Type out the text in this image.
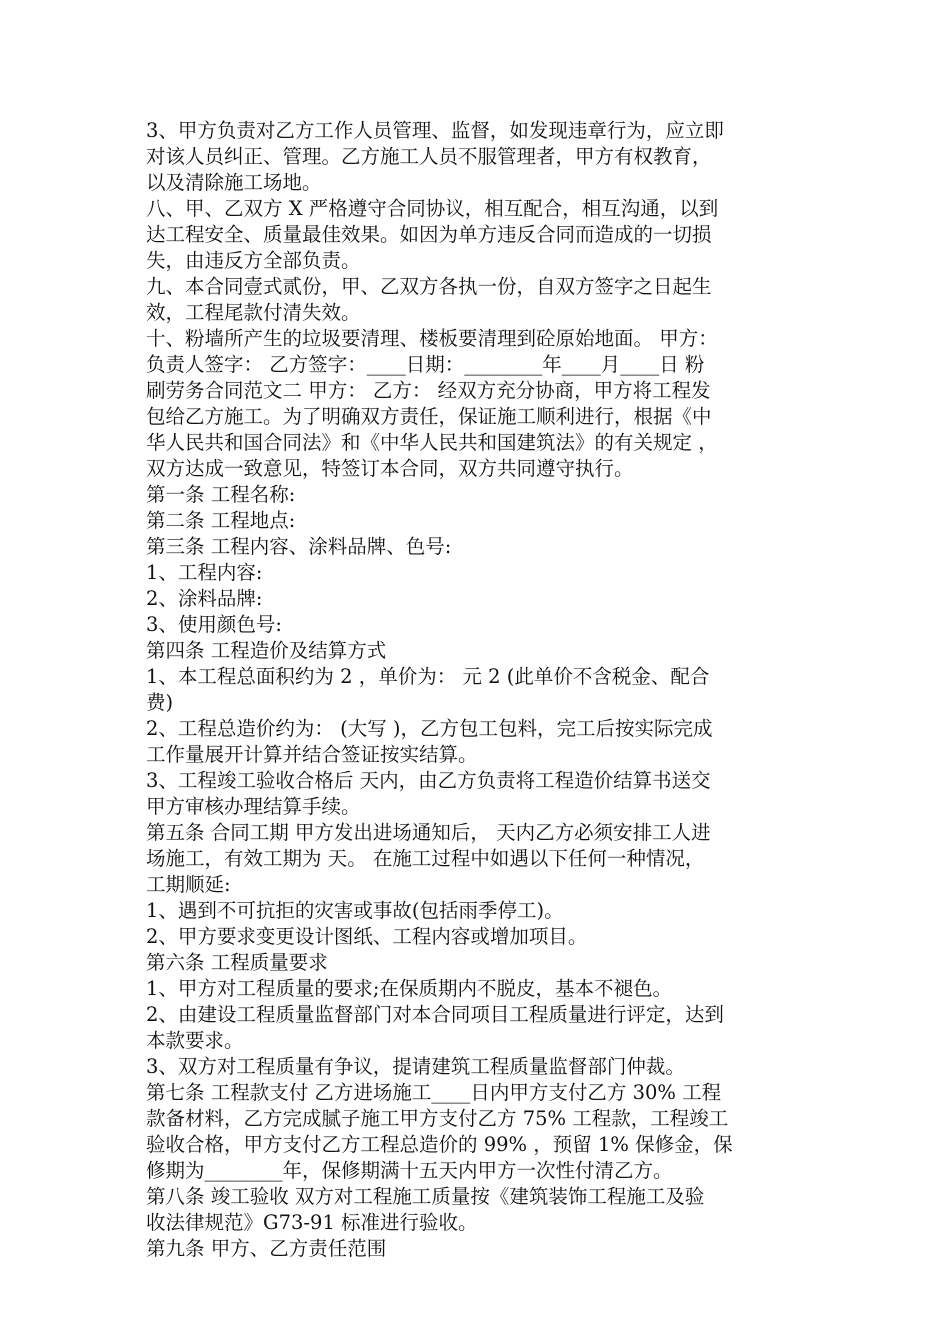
3、甲方负责对乙方工作人员管理、监督，如发现违章行为，应立即
对该人员纠正、管理。乙方施工人员不服管理者，甲方有权教育，
以及清除施工场地。
八、甲、乙双方 X 严格遵守合同协议，相互配合，相互沟通，以到
达工程安全、质量最佳效果。如因为单方违反合同而造成的一切损
失，由违反方全部负责。
九、本合同壹式贰份，甲、乙双方各执一份，自双方签字之日起生
效，工程尾款付清失效。
十、粉墙所产生的垃圾要清理、楼板要清理到砼原始地面。 甲方：
负责人签字： 乙方签字：____日期：________年____月____日 粉
刷劳务合同范文二 甲方： 乙方： 经双方充分协商，甲方将工程发
包给乙方施工。为了明确双方责任，保证施工顺利进行，根据《中
华人民共和国合同法》和《中华人民共和国建筑法》的有关规定 ，
双方达成一致意见，特签订本合同，双方共同遵守执行。
第一条 工程名称:
第二条 工程地点:
第三条 工程内容、涂料品牌、色号:
1、工程内容:
2、涂料品牌:
3、使用颜色号:
第四条 工程造价及结算方式
1、本工程总面积约为 2 ，单价为： 元 2 (此单价不含税金、配合
费)
2、工程总造价约为： (大写 )，乙方包工包料，完工后按实际完成
工作量展开计算并结合签证按实结算。
3、工程竣工验收合格后 天内，由乙方负责将工程造价结算书送交
甲方审核办理结算手续。
第五条 合同工期 甲方发出进场通知后， 天内乙方必须安排工人进
场施工，有效工期为 天。 在施工过程中如遇以下任何一种情况，
工期顺延:
1、遇到不可抗拒的灾害或事故(包括雨季停工)。
2、甲方要求变更设计图纸、工程内容或增加项目。
第六条 工程质量要求
1、甲方对工程质量的要求;在保质期内不脱皮，基本不褪色。
2、由建设工程质量监督部门对本合同项目工程质量进行评定，达到
本款要求。
3、双方对工程质量有争议，提请建筑工程质量监督部门仲裁。
第七条 工程款支付 乙方进场施工____日内甲方支付乙方 30% 工程
款备材料，乙方完成腻子施工甲方支付乙方 75% 工程款，工程竣工
验收合格，甲方支付乙方工程总造价的 99% ，预留 1% 保修金，保
修期为________年，保修期满十五天内甲方一次性付清乙方。
第八条 竣工验收 双方对工程施工质量按《建筑装饰工程施工及验
收法律规范》G73-91 标准进行验收。
第九条 甲方、乙方责任范围
